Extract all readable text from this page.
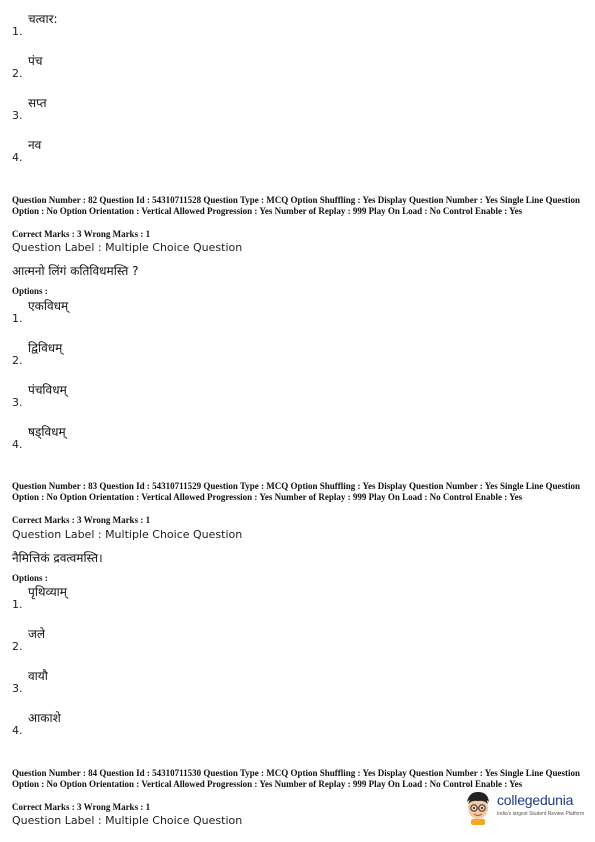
1.
चत्वार:
2.
पंच
3.
सप्त
4.
नव
Question Number : 82 Question Id : 54310711528 Question Type : MCQ Option Shuffling : Yes Display Question Number : Yes Single Line Question Option : No Option Orientation : Vertical Allowed Progression : Yes Number of Replay : 999 Play On Load : No Control Enable : Yes
Correct Marks : 3 Wrong Marks : 1
Question Label : Multiple Choice Question
आत्मनो लिंगं कतिविधमस्ति ?
Options :
1.
एकविधम्
2.
द्विविधम्
3.
पंचविधम्
4.
षड्विधम्
Question Number : 83 Question Id : 54310711529 Question Type : MCQ Option Shuffling : Yes Display Question Number : Yes Single Line Question Option : No Option Orientation : Vertical Allowed Progression : Yes Number of Replay : 999 Play On Load : No Control Enable : Yes
Correct Marks : 3 Wrong Marks : 1
Question Label : Multiple Choice Question
नैमित्तिकं द्रवत्वमस्ति।
Options :
1.
पृथिव्याम्
2.
जले
3.
वायौ
4.
आकाशे
Question Number : 84 Question Id : 54310711530 Question Type : MCQ Option Shuffling : Yes Display Question Number : Yes Single Line Question Option : No Option Orientation : Vertical Allowed Progression : Yes Number of Replay : 999 Play On Load : No Control Enable : Yes
Correct Marks : 3 Wrong Marks : 1
Question Label : Multiple Choice Question
collegedunia
India's largest Student Review Platform
